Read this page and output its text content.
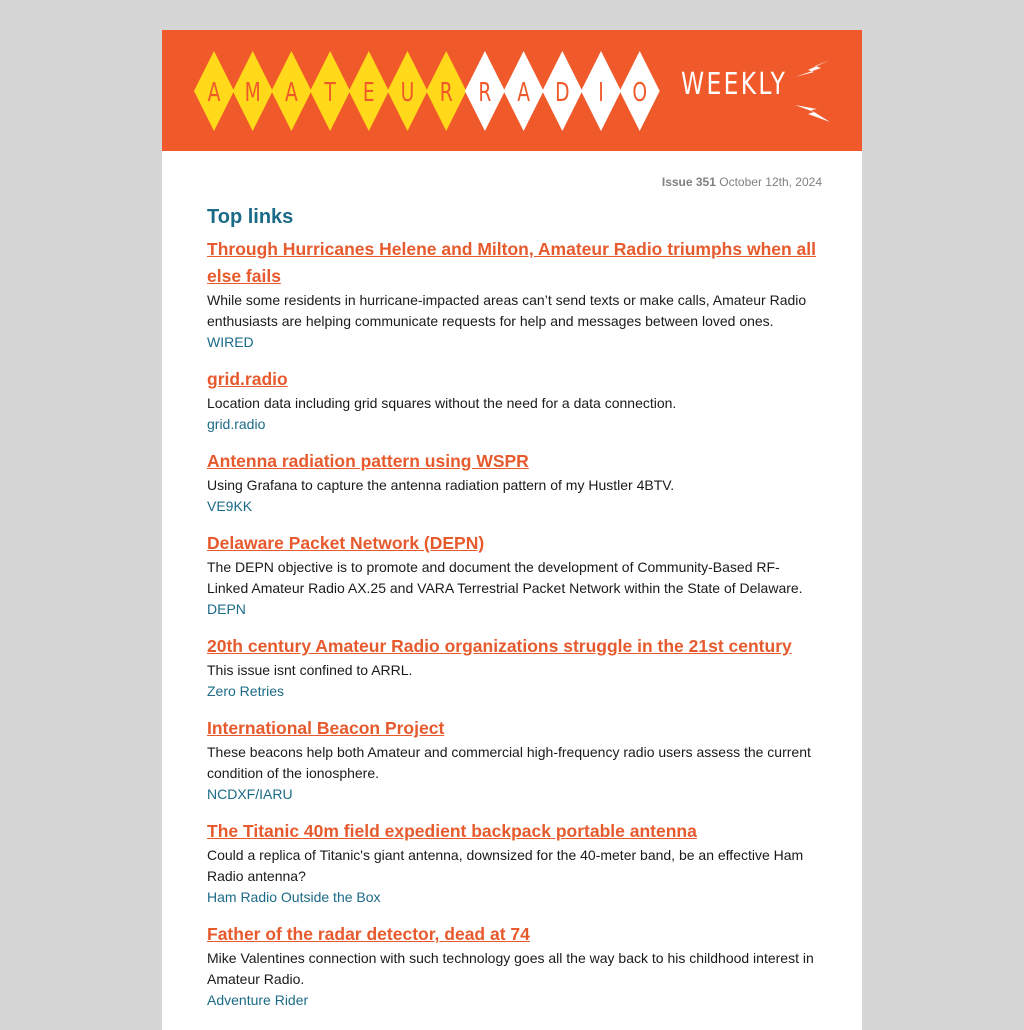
A M A T E U R R A D I O WEEKLY
Issue 351 October 12th, 2024
Top links
Through Hurricanes Helene and Milton, Amateur Radio triumphs when all else fails
While some residents in hurricane-impacted areas can’t send texts or make calls, Amateur Radio enthusiasts are helping communicate requests for help and messages between loved ones.
WIRED
grid.radio
Location data including grid squares without the need for a data connection.
grid.radio
Antenna radiation pattern using WSPR
Using Grafana to capture the antenna radiation pattern of my Hustler 4BTV.
VE9KK
Delaware Packet Network (DEPN)
The DEPN objective is to promote and document the development of Community-Based RF-Linked Amateur Radio AX.25 and VARA Terrestrial Packet Network within the State of Delaware.
DEPN
20th century Amateur Radio organizations struggle in the 21st century
This issue isnt confined to ARRL.
Zero Retries
International Beacon Project
These beacons help both Amateur and commercial high-frequency radio users assess the current condition of the ionosphere.
NCDXF/IARU
The Titanic 40m field expedient backpack portable antenna
Could a replica of Titanic's giant antenna, downsized for the 40-meter band, be an effective Ham Radio antenna?
Ham Radio Outside the Box
Father of the radar detector, dead at 74
Mike Valentines connection with such technology goes all the way back to his childhood interest in Amateur Radio.
Adventure Rider
